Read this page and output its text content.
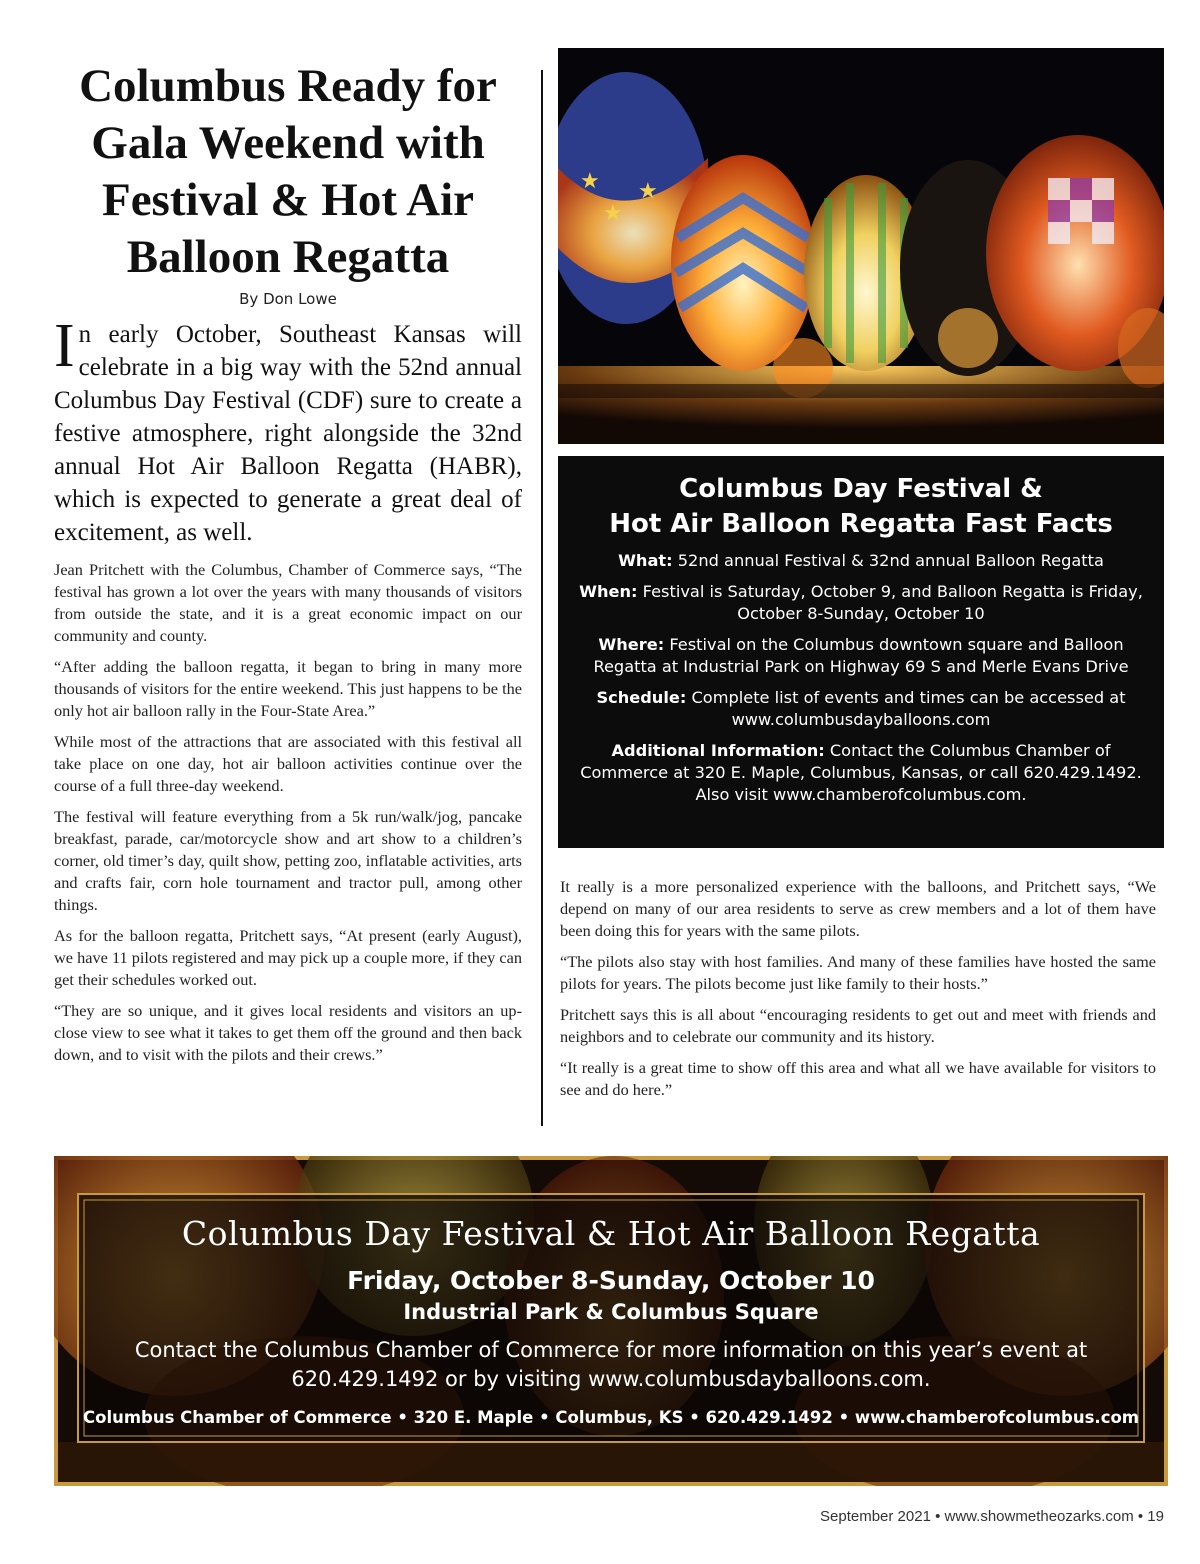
Columbus Ready for Gala Weekend with Festival & Hot Air Balloon Regatta
By Don Lowe

In early October, Southeast Kansas will celebrate in a big way with the 52nd annual Columbus Day Festival (CDF) sure to create a festive atmosphere, right alongside the 32nd annual Hot Air Balloon Regatta (HABR), which is expected to generate a great deal of excitement, as well.

Jean Pritchett with the Columbus, Chamber of Commerce says, “The festival has grown a lot over the years with many thousands of visitors from outside the state, and it is a great economic impact on our community and county.

“After adding the balloon regatta, it began to bring in many more thousands of visitors for the entire weekend. This just happens to be the only hot air balloon rally in the Four-State Area.”

While most of the attractions that are associated with this festival all take place on one day, hot air balloon activities continue over the course of a full three-day weekend.

The festival will feature everything from a 5k run/walk/jog, pancake breakfast, parade, car/motorcycle show and art show to a children’s corner, old timer’s day, quilt show, petting zoo, inflatable activities, arts and crafts fair, corn hole tournament and tractor pull, among other things.

As for the balloon regatta, Pritchett says, “At present (early August), we have 11 pilots registered and may pick up a couple more, if they can get their schedules worked out.

“They are so unique, and it gives local residents and visitors an up-close view to see what it takes to get them off the ground and then back down, and to visit with the pilots and their crews.”

★
★
★
Columbus Day Festival &
Hot Air Balloon Regatta Fast Facts
What: 52nd annual Festival & 32nd annual Balloon Regatta
When: Festival is Saturday, October 9, and Balloon Regatta is Friday, October 8-Sunday, October 10
Where: Festival on the Columbus downtown square and Balloon Regatta at Industrial Park on Highway 69 S and Merle Evans Drive
Schedule: Complete list of events and times can be accessed at www.columbusdayballoons.com
Additional Information: Contact the Columbus Chamber of Commerce at 320 E. Maple, Columbus, Kansas, or call 620.429.1492. Also visit www.chamberofcolumbus.com.

It really is a more personalized experience with the balloons, and Pritchett says, “We depend on many of our area residents to serve as crew members and a lot of them have been doing this for years with the same pilots.

“The pilots also stay with host families. And many of these families have hosted the same pilots for years. The pilots become just like family to their hosts.”

Pritchett says this is all about “encouraging residents to get out and meet with friends and neighbors and to celebrate our community and its history.

“It really is a great time to show off this area and what all we have available for visitors to see and do here.”

Columbus Day Festival & Hot Air Balloon Regatta
Friday, October 8-Sunday, October 10
Industrial Park & Columbus Square
Contact the Columbus Chamber of Commerce for more information on this year’s event at 620.429.1492 or by visiting www.columbusdayballoons.com.
Columbus Chamber of Commerce • 320 E. Maple • Columbus, KS • 620.429.1492 • www.chamberofcolumbus.com
September 2021 • www.showmetheozarks.com • 19
